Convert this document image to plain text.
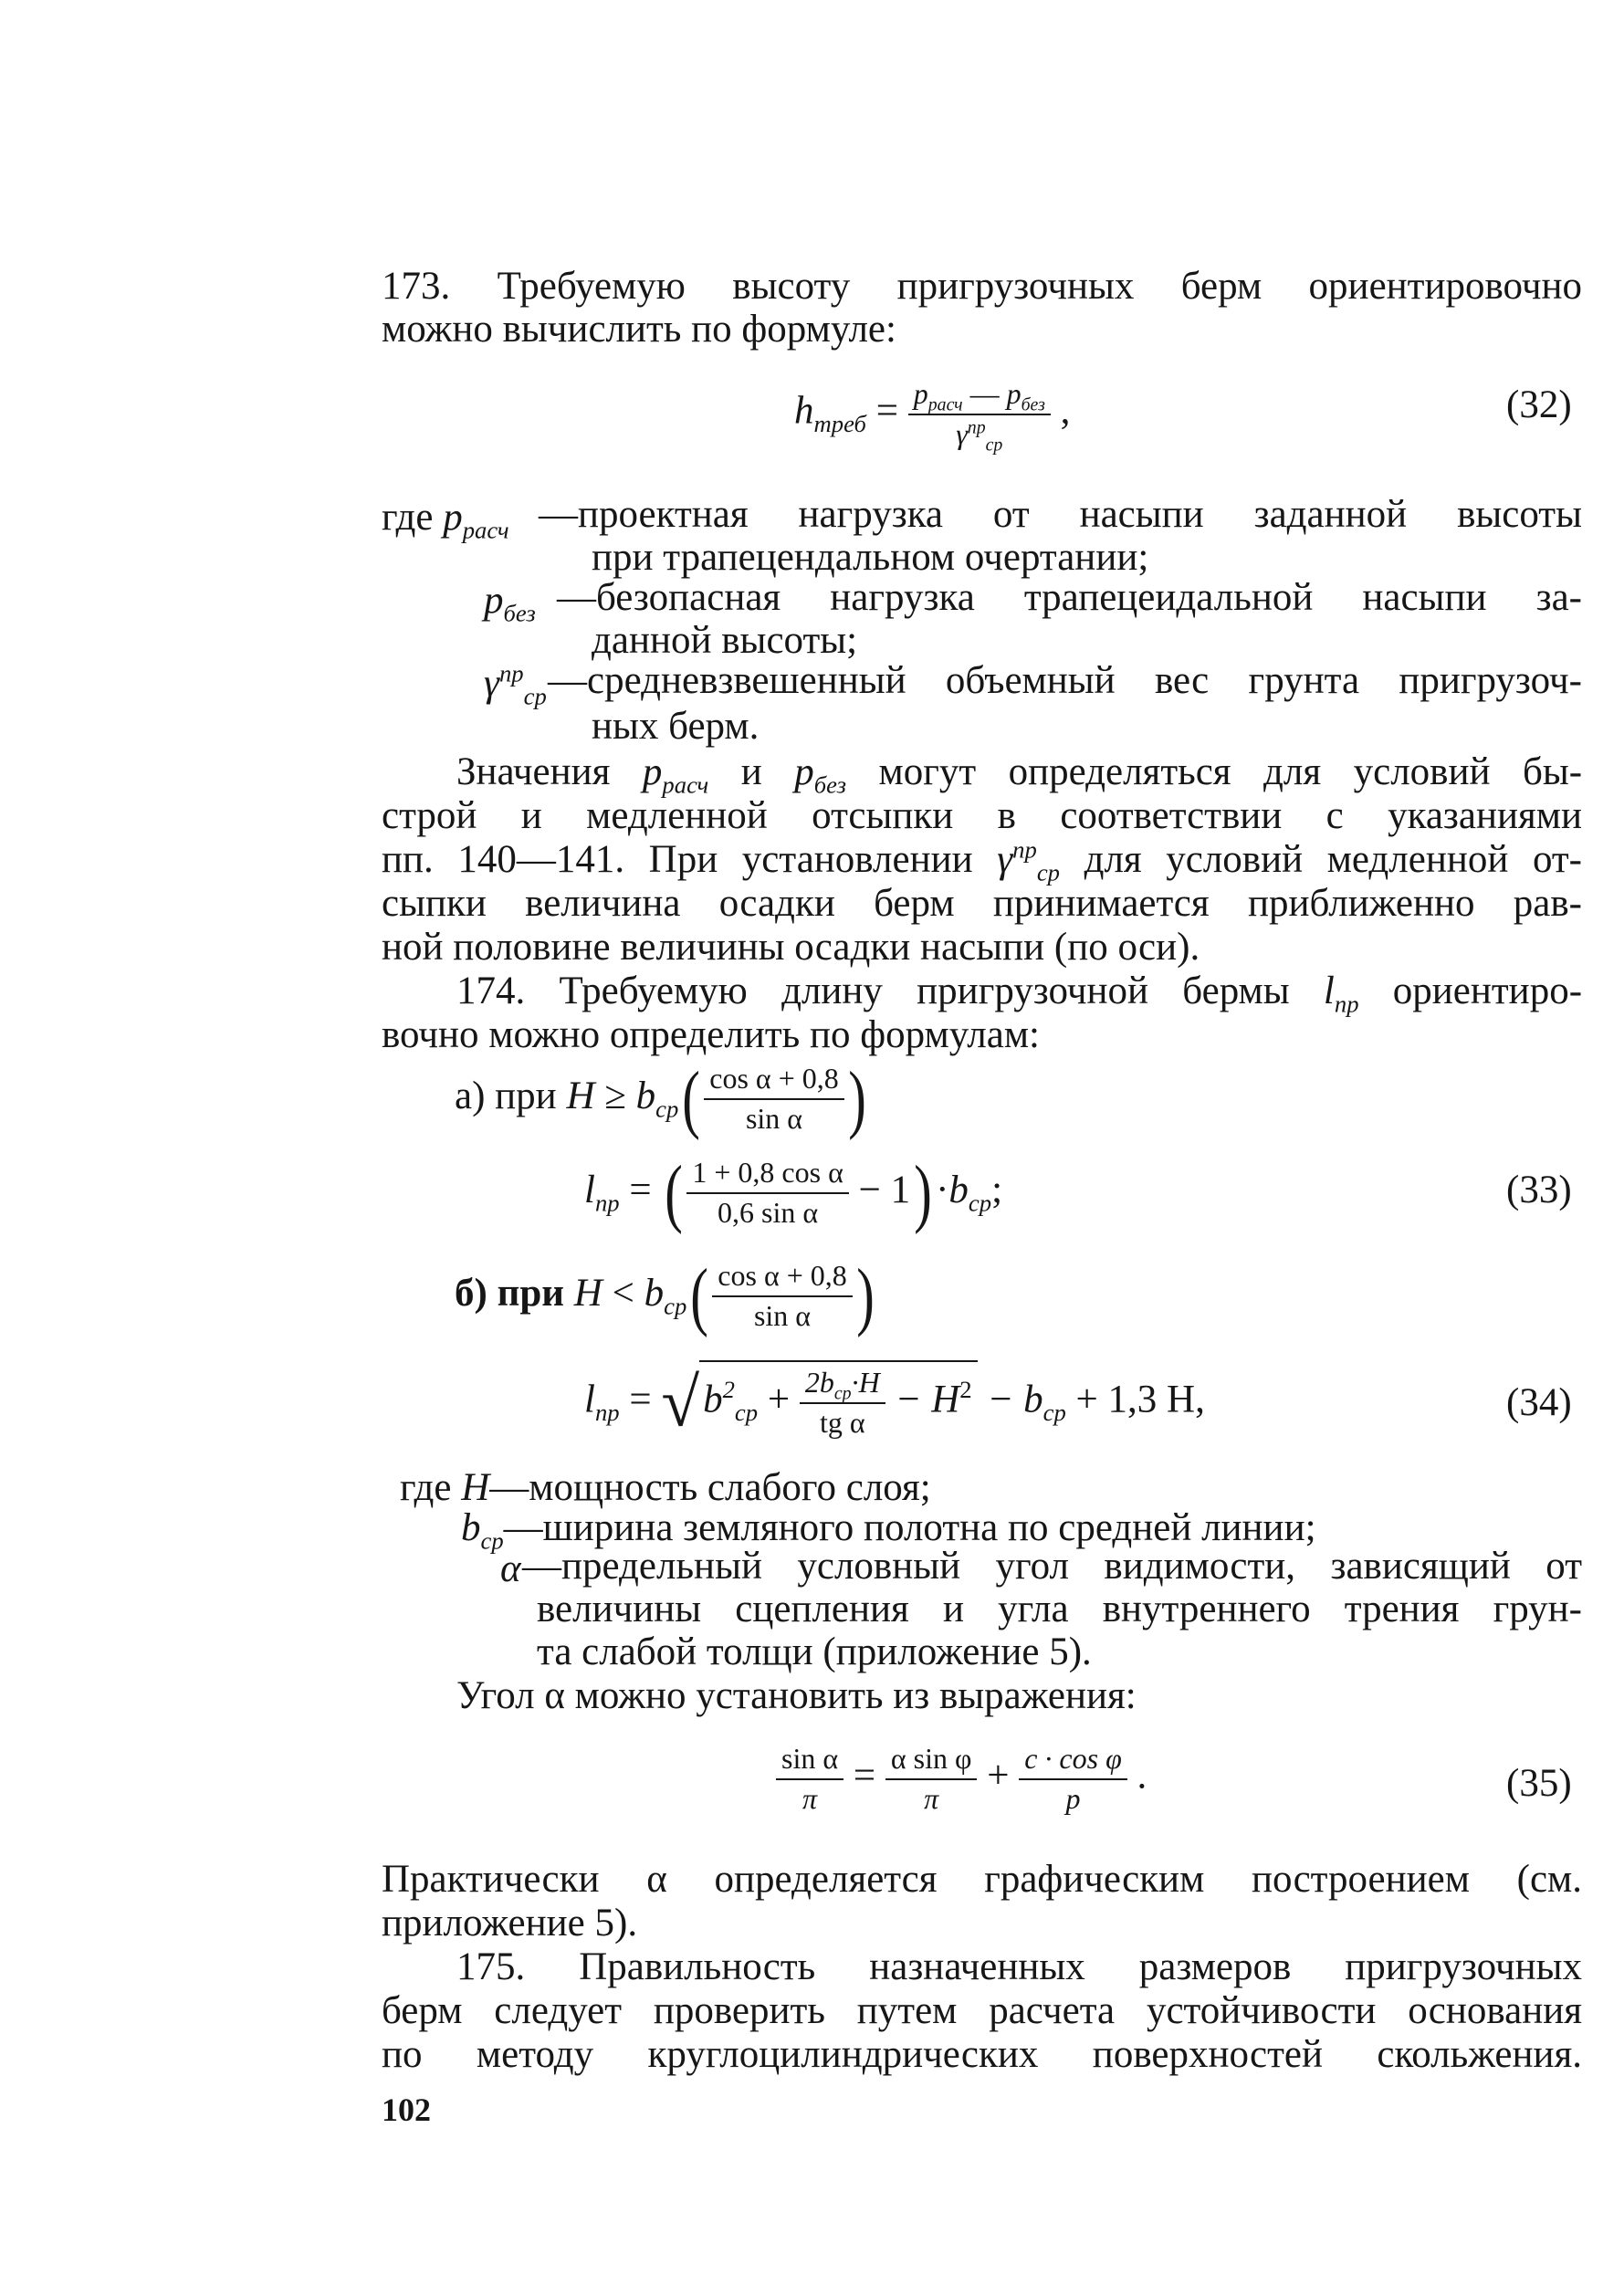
173. Требуемую высоту пригрузочных берм ориентировочно

можно вычислить по формуле:

$h_{треб} = \frac{p_{расч} — p_{без}}{\gamma^{пр}_{ср}}$ ,	(32)
где $p_{расч}$ —проектная нагрузка от насыпи заданной высоты

при трапецендальном очертании;

$p_{без}$ —безопасная нагрузка трапецеидальной насыпи за-

данной высоты;

$\gamma^{пр}_{ср}$ —средневзвешенный объемный вес грунта пригрузоч-

ных берм.

Значения $p_{расч}$ и $p_{без}$ могут определяться для условий бы-

строй и медленной отсыпки в соответствии с указаниями

пп. 140—141. При установлении $\gamma^{пр}_{ср}$ для условий медленной от-

сыпки величина осадки берм принимается приближенно рав-

ной половине величины осадки насыпи (по оси).

174. Требуемую длину пригрузочной бермы $l_{пр}$ ориентиро-

вочно можно определить по формулам:

а) при $H \ge b_{ср}( \frac{\text{cos α + 0,8}}{\text{sin α}}$ )
$l_{пр}$ = ( $\frac{\text{1 + 0,8 cos α}}{\text{0,6 sin α}} - 1)\cdot b_{ср}$;	(33)
б) при $H < b_{ср}( \frac{\text{cos α + 0,8}}{\text{sin α}}$ )
$l_{пр} = √b^2_{ср} + \frac{2b_{ср}\cdot H}{\text{tg α}} - H^2 - b_{ср} + 1,3$ H,	(34)
где H—мощность слабого слоя;
$b_{ср}—ширина$ земляного полотна по средней линии;
α —предельный условный угол видимости, зависящий от

величины сцепления и угла внутреннего трения грун-

та слабой толщи (приложение 5).

Угол α можно установить из выражения:

$\frac{\text{sin α}}{\pi} = \frac{\text{α sin φ}}{\pi} + \frac{\text{c · cos φ}}{p}$ .	(35)

Практически α определяется графическим построением (см.

приложение 5).

175. Правильность назначенных размеров пригрузочных

берм следует проверить путем расчета устойчивости основания

по методу круглоцилиндрических поверхностей скольжения.

102
